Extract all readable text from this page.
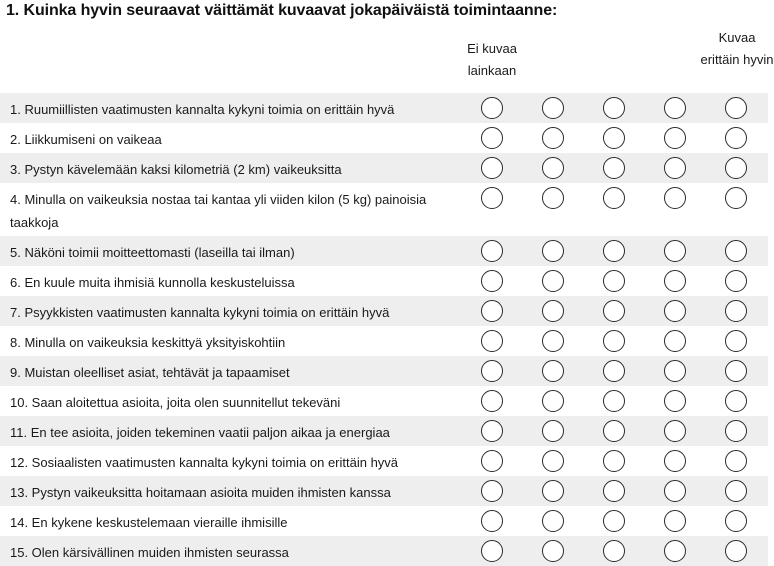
1. Kuinka hyvin seuraavat väittämät kuvaavat jokapäiväistä toimintaanne:
Ei kuvaa lainkaan
Kuvaa erittäin hyvin
1. Ruumiillisten vaatimusten kannalta kykyni toimia on erittäin hyvä
2. Liikkumiseni on vaikeaa
3. Pystyn kävelemään kaksi kilometriä (2 km) vaikeuksitta
4. Minulla on vaikeuksia nostaa tai kantaa yli viiden kilon (5 kg) painoisia taakkoja
5. Näköni toimii moitteettomasti (laseilla tai ilman)
6. En kuule muita ihmisiä kunnolla keskusteluissa
7. Psyykkisten vaatimusten kannalta kykyni toimia on erittäin hyvä
8. Minulla on vaikeuksia keskittyä yksityiskohtiin
9. Muistan oleelliset asiat, tehtävät ja tapaamiset
10. Saan aloitettua asioita, joita olen suunnitellut tekeväni
11. En tee asioita, joiden tekeminen vaatii paljon aikaa ja energiaa
12. Sosiaalisten vaatimusten kannalta kykyni toimia on erittäin hyvä
13. Pystyn vaikeuksitta hoitamaan asioita muiden ihmisten kanssa
14. En kykene keskustelemaan vieraille ihmisille
15. Olen kärsivällinen muiden ihmisten seurassa
